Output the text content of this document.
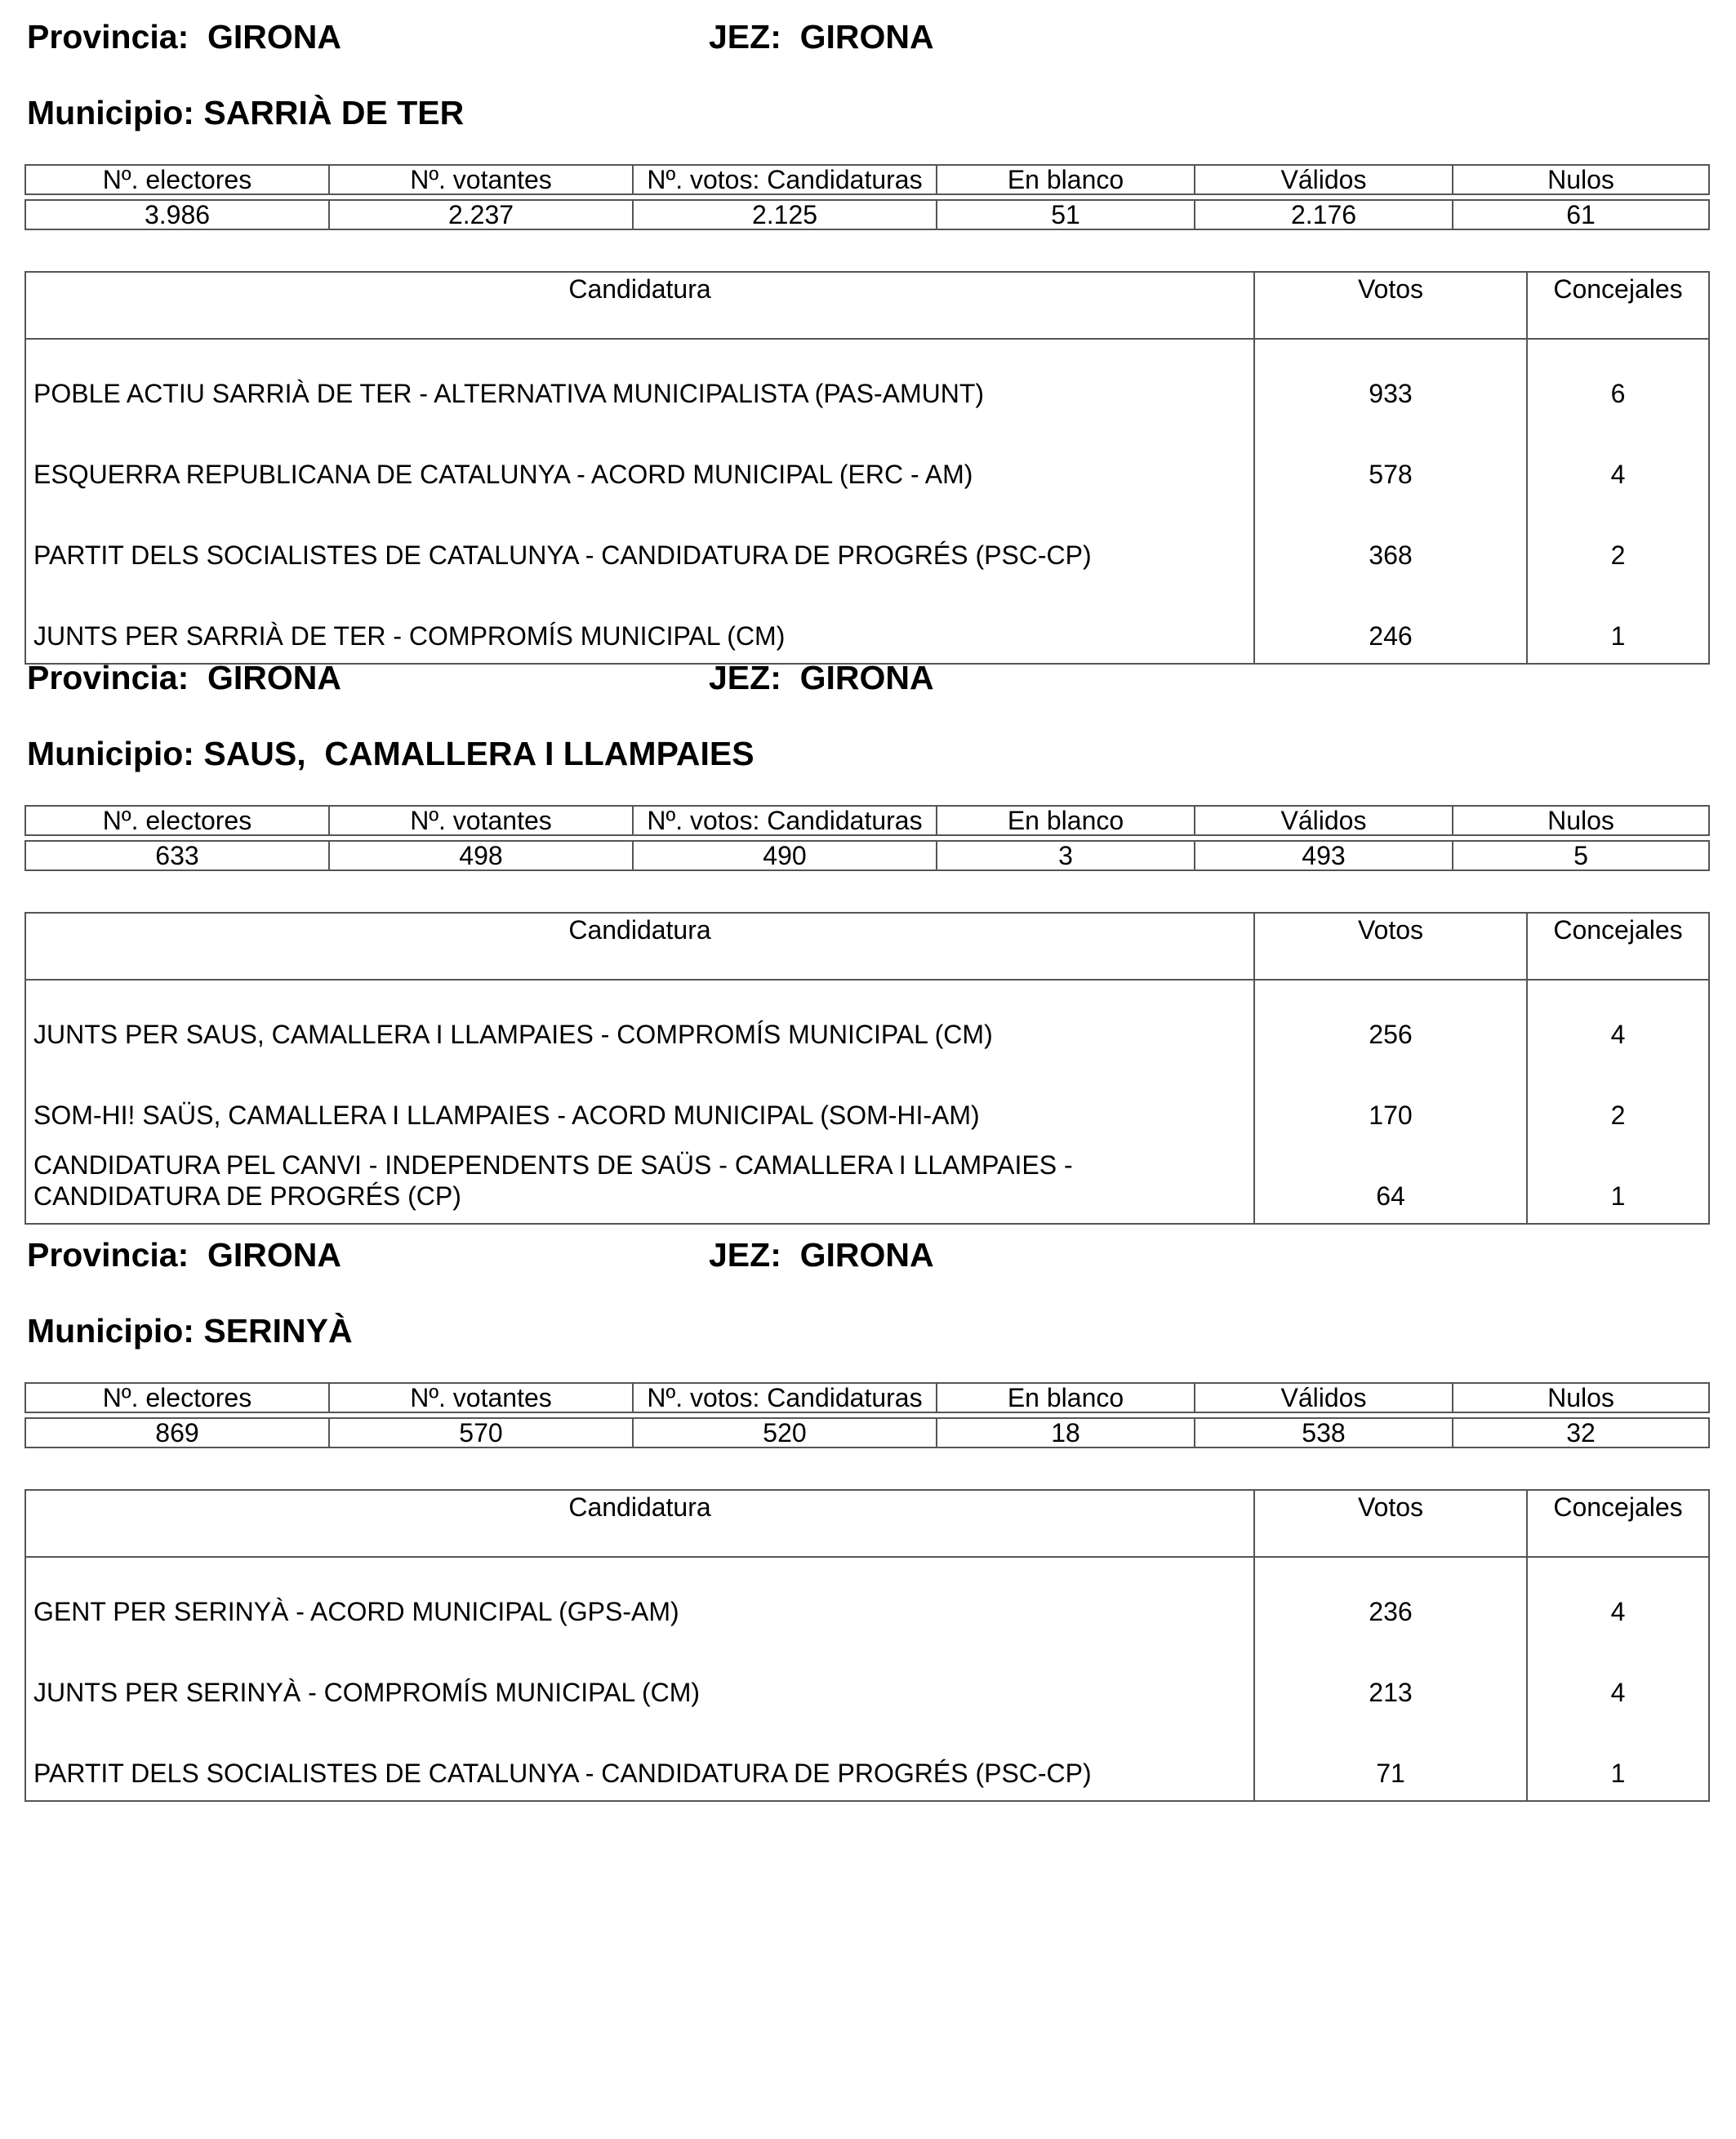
Provincia:  GIRONA	JEZ:  GIRONA
Municipio: SARRIÀ DE TER
Nº. electores	Nº. votantes	Nº. votos: Candidaturas	En blanco	Válidos	Nulos

3.986	2.237	2.125	51	2.176	61
Candidatura	Votos	Concejales
POBLE ACTIU SARRIÀ DE TER - ALTERNATIVA MUNICIPALISTA (PAS-AMUNT)	933	6
ESQUERRA REPUBLICANA DE CATALUNYA - ACORD MUNICIPAL (ERC - AM)	578	4
PARTIT DELS SOCIALISTES DE CATALUNYA - CANDIDATURA DE PROGRÉS (PSC-CP)	368	2
JUNTS PER SARRIÀ DE TER - COMPROMÍS MUNICIPAL (CM)	246	1
Provincia:  GIRONA	JEZ:  GIRONA
Municipio: SAUS,  CAMALLERA I LLAMPAIES
Nº. electores	Nº. votantes	Nº. votos: Candidaturas	En blanco	Válidos	Nulos

633	498	490	3	493	5
Candidatura	Votos	Concejales
JUNTS PER SAUS, CAMALLERA I LLAMPAIES - COMPROMÍS MUNICIPAL (CM)	256	4
SOM-HI! SAÜS, CAMALLERA I LLAMPAIES - ACORD MUNICIPAL (SOM-HI-AM)	170	2

CANDIDATURA PEL CANVI - INDEPENDENTS DE SAÜS - CAMALLERA I LLAMPAIES -
CANDIDATURA DE PROGRÉS (CP)	64	1
Provincia:  GIRONA	JEZ:  GIRONA
Municipio: SERINYÀ
Nº. electores	Nº. votantes	Nº. votos: Candidaturas	En blanco	Válidos	Nulos

869	570	520	18	538	32
Candidatura	Votos	Concejales
GENT PER SERINYÀ - ACORD MUNICIPAL (GPS-AM)	236	4
JUNTS PER SERINYÀ - COMPROMÍS MUNICIPAL (CM)	213	4
PARTIT DELS SOCIALISTES DE CATALUNYA - CANDIDATURA DE PROGRÉS (PSC-CP)	71	1
